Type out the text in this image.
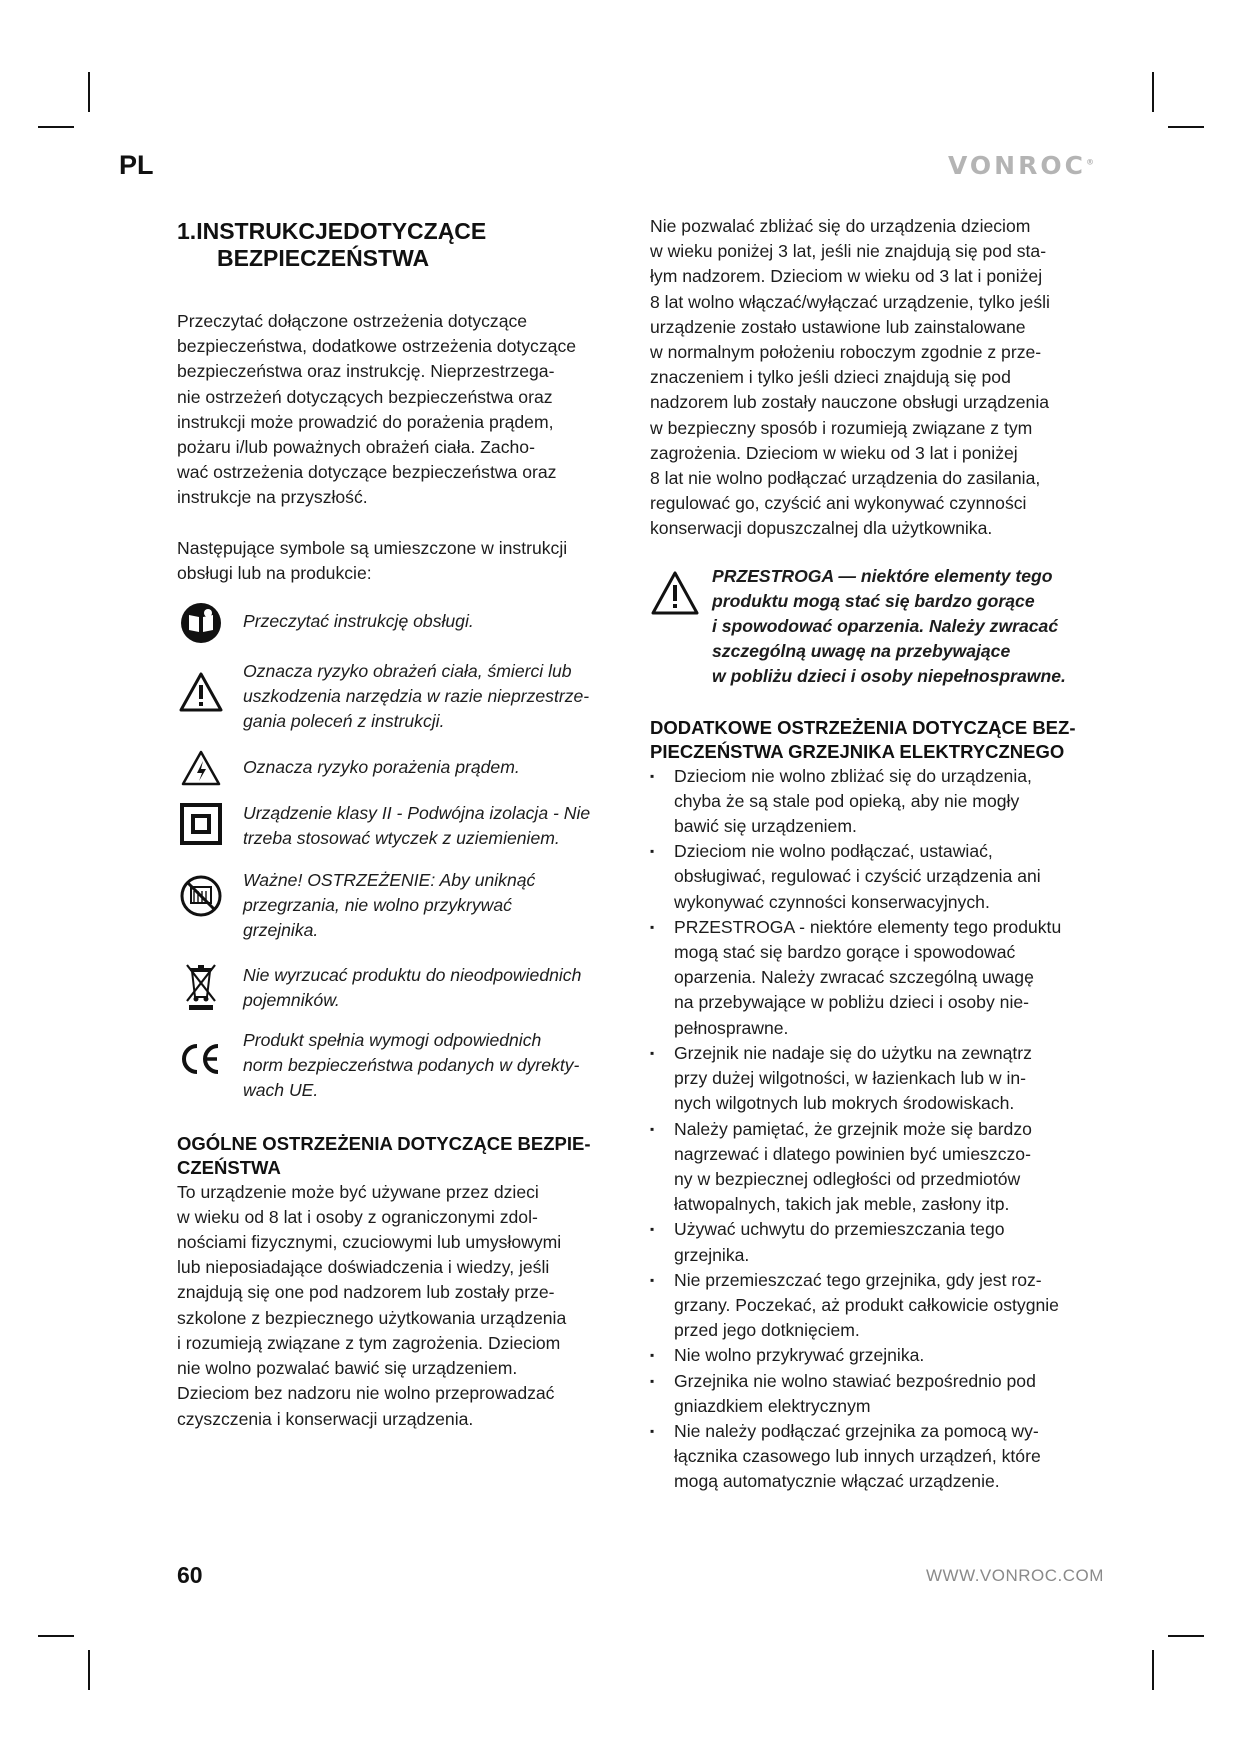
PL	VONROC®
1.INSTRUKCJEDOTYCZĄCE
BEZPIECZEŃSTWA

Przeczytać dołączone ostrzeżenia dotyczące

bezpieczeństwa, dodatkowe ostrzeżenia dotyczące

bezpieczeństwa oraz instrukcję. Nieprzestrzega-

nie ostrzeżeń dotyczących bezpieczeństwa oraz

instrukcji może prowadzić do porażenia prądem,

pożaru i/lub poważnych obrażeń ciała. Zacho-

wać ostrzeżenia dotyczące bezpieczeństwa oraz

instrukcje na przyszłość.

Następujące symbole są umieszczone w instrukcji

obsługi lub na produkcie:

Przeczytać instrukcję obsługi.

Oznacza ryzyko obrażeń ciała, śmierci lub

uszkodzenia narzędzia w razie nieprzestrze-

gania poleceń z instrukcji.

Oznacza ryzyko porażenia prądem.

Urządzenie klasy II - Podwójna izolacja - Nie

trzeba stosować wtyczek z uziemieniem.

Ważne! OSTRZEŻENIE: Aby uniknąć

przegrzania, nie wolno przykrywać

grzejnika.

Nie wyrzucać produktu do nieodpowiednich

pojemników.

Produkt spełnia wymogi odpowiednich

norm bezpieczeństwa podanych w dyrekty-

wach UE.

OGÓLNE OSTRZEŻENIA DOTYCZĄCE BEZPIE-

CZEŃSTWA

To urządzenie może być używane przez dzieci

w wieku od 8 lat i osoby z ograniczonymi zdol-

nościami fizycznymi, czuciowymi lub umysłowymi

lub nieposiadające doświadczenia i wiedzy, jeśli

znajdują się one pod nadzorem lub zostały prze-

szkolone z bezpiecznego użytkowania urządzenia

i rozumieją związane z tym zagrożenia. Dzieciom

nie wolno pozwalać bawić się urządzeniem.

Dzieciom bez nadzoru nie wolno przeprowadzać

czyszczenia i konserwacji urządzenia.

Nie pozwalać zbliżać się do urządzenia dzieciom

w wieku poniżej 3 lat, jeśli nie znajdują się pod sta-

łym nadzorem. Dzieciom w wieku od 3 lat i poniżej

8 lat wolno włączać/wyłączać urządzenie, tylko jeśli

urządzenie zostało ustawione lub zainstalowane

w normalnym położeniu roboczym zgodnie z prze-

znaczeniem i tylko jeśli dzieci znajdują się pod

nadzorem lub zostały nauczone obsługi urządzenia

w bezpieczny sposób i rozumieją związane z tym

zagrożenia. Dzieciom w wieku od 3 lat i poniżej

8 lat nie wolno podłączać urządzenia do zasilania,

regulować go, czyścić ani wykonywać czynności

konserwacji dopuszczalnej dla użytkownika.

PRZESTROGA — niektóre elementy tego

produktu mogą stać się bardzo gorące

i spowodować oparzenia. Należy zwracać

szczególną uwagę na przebywające

w pobliżu dzieci i osoby niepełnosprawne.

DODATKOWE OSTRZEŻENIA DOTYCZĄCE BEZ-

PIECZEŃSTWA GRZEJNIKA ELEKTRYCZNEGO

▪ Dzieciom nie wolno zbliżać się do urządzenia,

chyba że są stale pod opieką, aby nie mogły

bawić się urządzeniem.

▪ Dzieciom nie wolno podłączać, ustawiać,

obsługiwać, regulować i czyścić urządzenia ani

wykonywać czynności konserwacyjnych.

▪ PRZESTROGA - niektóre elementy tego produktu

mogą stać się bardzo gorące i spowodować

oparzenia. Należy zwracać szczególną uwagę

na przebywające w pobliżu dzieci i osoby nie-

pełnosprawne.

▪ Grzejnik nie nadaje się do użytku na zewnątrz

przy dużej wilgotności, w łazienkach lub w in-

nych wilgotnych lub mokrych środowiskach.

▪ Należy pamiętać, że grzejnik może się bardzo

nagrzewać i dlatego powinien być umieszczo-

ny w bezpiecznej odległości od przedmiotów

łatwopalnych, takich jak meble, zasłony itp.

▪ Używać uchwytu do przemieszczania tego

grzejnika.

▪ Nie przemieszczać tego grzejnika, gdy jest roz-

grzany. Poczekać, aż produkt całkowicie ostygnie

przed jego dotknięciem.

▪ Nie wolno przykrywać grzejnika.

▪ Grzejnika nie wolno stawiać bezpośrednio pod

gniazdkiem elektrycznym

▪ Nie należy podłączać grzejnika za pomocą wy-

łącznika czasowego lub innych urządzeń, które

mogą automatycznie włączać urządzenie.

60	WWW.VONROC.COM
